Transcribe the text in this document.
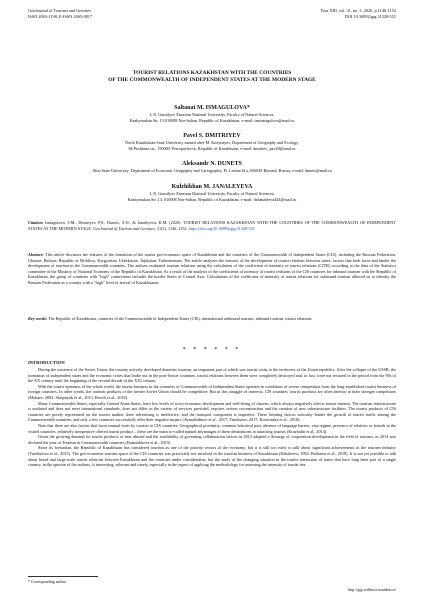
GeoJournal of Tourism and Geosites
ISSN 2065-1198, E-ISSN 2065-0817
Year XIII, vol. 31, no. 3, 2020, p.1146-1152
DOI 10.30892/gtg.31328-551
TOURIST RELATIONS KAZAKHSTAN WITH THE COUNTRIES
OF THE COMMONWEALTH OF INDEPENDENT STATES AT THE MODERN STAGE
Saltanat M. ISMAGULOVA*
L.N. Gumilyov Eurasian National University, Faculty of Natural Sciences,
Kazhymukan Str. 13 010008 Nur-Sultan, Republic of Kazakhstan, e-mail: smismagulova@mail.ru
Pavel S. DMITRIYEV
North Kazakhstan State University named after M. Kozybayev, Department of Geography and Ecology,
86 Pushkina str., 150000, Petropavlovsk, Republic of Kazakhstan, e-mail: dmitriev_pav49@mail.ru
Aleksandr N. DUNETS
Altai State University, Department of Economic Geography and Cartography, Pr. Lenina 61a, 656049 Barnaul, Russia, e-mail: dunets@mail.ru
Kulzhikhan M. JANALEYEVA
L.N. Gumilyov Eurasian National University, Faculty of Natural Sciences,
Kazhymukan Str. 13, 010008 Nur-Sultan, Republic of Kazakhstan, e-mail: dzhanaleeva444@mail.ru
Citation: Ismagulova, S.M., Dmitriyev, P.S., Dunets, A.N., & Janaleyeva, K.M. (2020). TOURIST RELATIONS KAZAKHSTAN WITH THE COUNTRIES OF THE COMMONWEALTH OF INDEPENDENT STATES AT THE MODERN STAGE. GeoJournal of Tourism and Geosites, 31(3), 1146–1152. https://doi.org/10.30892/gtg.31328-551
Abstract: This article discusses the features of the formation of the tourist geo-economic space of Kazakhstan and the countries of the Commonwealth of Independent States (CIS), including the Russian Federation, Ukraine, Belarus, Republic of Moldova, Kyrgyzstan, Uzbekistan, Tajikistan, Turkmenistan. The article analyzes the features of the development of tourist relations between states, factors that both favor and hinder the development of tourism in the Commonwealth countries. The authors evaluated tourism relations using the calculation of the coefficient of intensity of tourist relations (CITR) according to the data of the Statistics committee of the Ministry of National Economy of the Republic of Kazakhstan. As a result of the analysis of the coefficients of intensity of tourist relations of the CIS countries for inbound tourism with the Republic of Kazakhstan, the group of countries with "high" connections includes the border States of Central Asia. Calculations of the coefficient of intensity of tourist relations for outbound tourism allowed us to identify the Russian Federation as a country with a "high" level of arrival of Kazakhstanis.
Key words: The Republic of Kazakhstan, countries of the Commonwealth of Independent States (CIS), international outbound tourism, inbound tourism, tourist relations
* * * * * *
INTRODUCTION

During the existence of the Soviet Union, the country actively developed domestic tourism, an important part of which was tourist visits to the territories of the Union republics. After the collapse of the USSR, the formation of independent states and the economic crises that broke out in the post-Soviet countries, tourist relations between them were completely destroyed and, in fact, were not restored in the period from the 90s of the XX century until the beginning of the second decade of the XXI century.

With the tourist openness of the whole world, the tourist business in the countries of Commonwealth of Independent States operates in conditions of severe competition from the long-established tourist business of foreign countries. In other words, the tourism products of the former Soviet Union should be competitive. But in this struggle of interests, CIS countries' tourist products are often inferior to their stronger competitors (Mokaev, 2002; Skripnyuk et al., 2013; Kroolf et al., 2018).

Many Commonwealth States, especially Central Asian States, have low levels of socio-economic development and well-being of citizens, which always negatively affects tourist interest. The tourism infrastructure is outdated and does not meet international standards, does not differ in the variety of services provided, requires serious reconstruction and the creation of new infrastructure facilities. The tourist products of CIS countries are poorly represented on the tourist market, their advertising is ineffective, and the transport component is imperfect. These limiting factors seriously hinder the growth of tourist traffic among the Commonwealth countries, and only a few countries successfully offer their negative impact (Aymaletdinov et al., 2017; Vinokurov, 2017; Kotosinska et al., 2018).

Note that there are also factors that favor mutual visits by tourists to CIS countries. Geographical proximity, common historical past, absence of language barrier, visa regime, presence of relatives or friends in the visited countries, relatively inexpensive offered tourist product – these are the main so-called natural advantages of these destinations in attracting tourists (Kruzhalin et al., 2014).

Given the growing demand for tourist products of near abroad and the availability of governing collaboration factors in 2013 adopted a Strategy of cooperation development in the field of tourism, as 2014 was declared the year of Tourism in Commonwealth countries (Kamaukhova et al., 2015).

Since its formation, the Republic of Kazakhstan has considered tourism as one of the priority sectors of the economy, but it is still too early to talk about significant achievements in the tourism industry (Turekulova et al., 2015). The geo-economic tourism space of the CIS countries was practically not involved in the tourism business of Kazakhstan (Dzhaleeva, 1992; Baibuteu et al., 2018). It is not yet possible to talk about broad and large-scale tourist relations between Kazakhstan and the countries under consideration, but the study of the changing situation in the tourist interaction of states that have long been part of a single country, in the opinion of the authors, is interesting, relevant and timely, especially in the aspect of applying the methodology for assessing the intensity of tourist ties.

* Corresponding author
http://gtg.webhost.uoradea.ro/
